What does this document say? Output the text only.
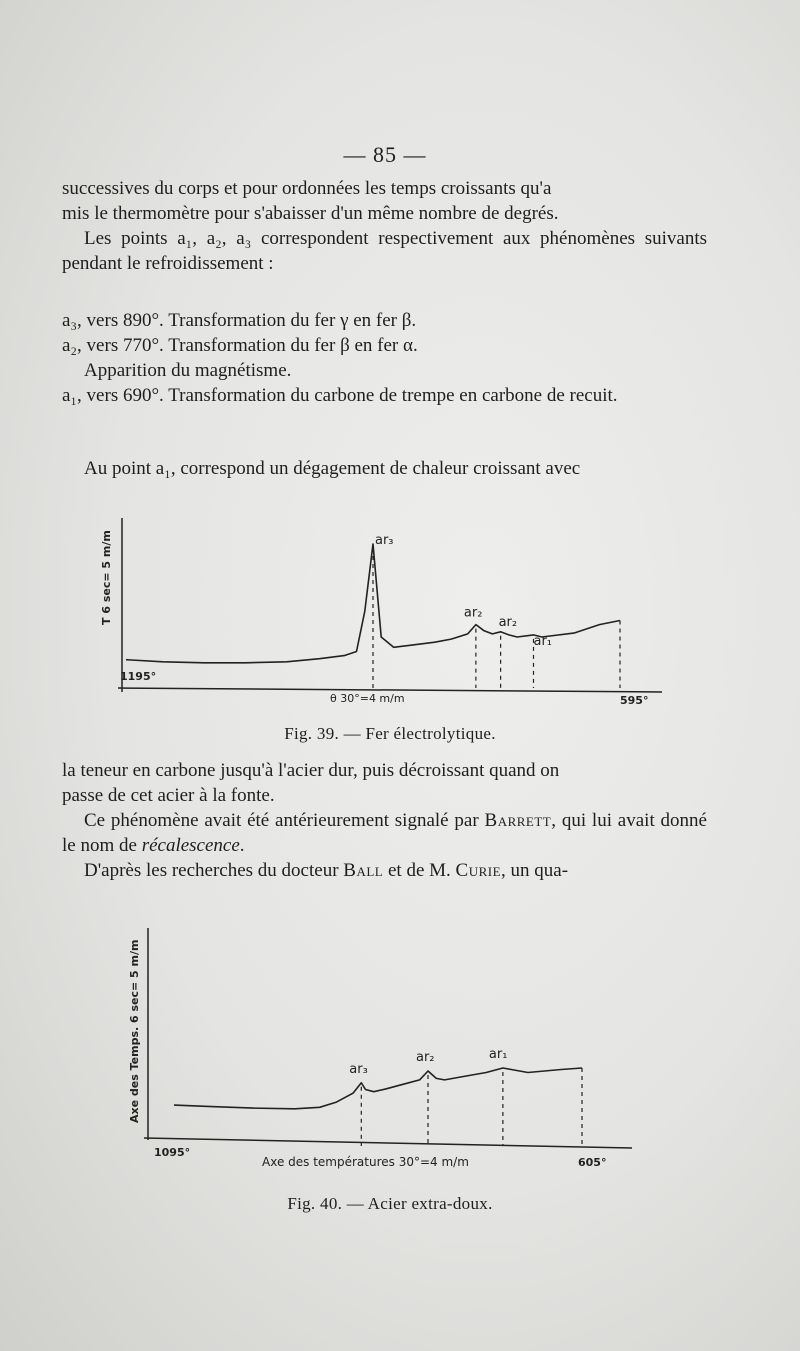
— 85 —

successives du corps et pour ordonnées les temps croissants qu'a

mis le thermomètre pour s'abaisser d'un même nombre de degrés.

Les points a₁, a₂, a₃ correspondent respectivement aux phénomènes suivants pendant le refroidissement :

a₃, vers 890°. Transformation du fer γ en fer β.

a₂, vers 770°. Transformation du fer β en fer α.

Apparition du magnétisme.

a₁, vers 690°. Transformation du carbone de trempe en carbone de recuit.

Au point a₁, correspond un dégagement de chaleur croissant avec

T 6 sec= 5 m/m
1195°
θ 30°=4 m/m	595°
ar₃
ar₂
ar₂
ar₁
Fig. 39. — Fer électrolytique.

la teneur en carbone jusqu'à l'acier dur, puis décroissant quand on

passe de cet acier à la fonte.

Ce phénomène avait été antérieurement signalé par Barrett, qui lui avait donné le nom de récalescence.

D'après les recherches du docteur Ball et de M. Curie, un qua-

Axe des Temps. 6 sec= 5 m/m
1095°
Axe des températures 30°=4 m/m	605°
ar₃
ar₂	ar₁
Fig. 40. — Acier extra-doux.
